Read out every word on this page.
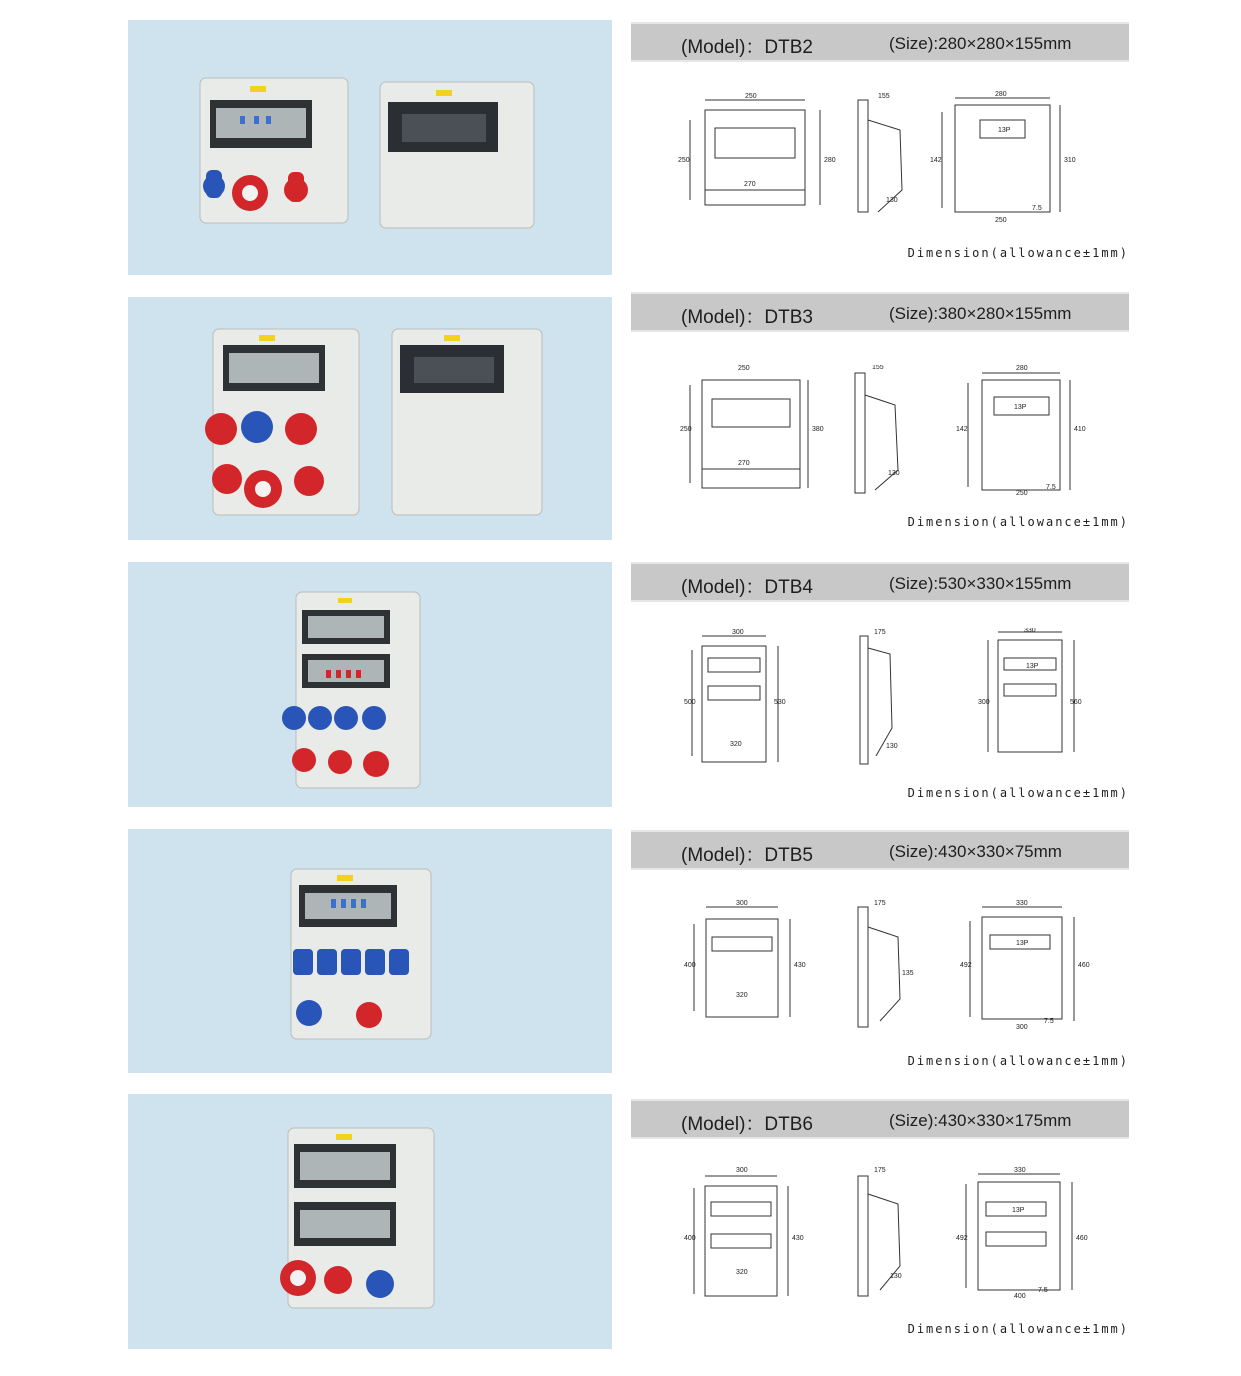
(Model)：DTB2	(Size):280×280×155mm
250
250	280
270
155
130
280
142	310
250
7.5
13P
Dimension(allowance±1mm)
(Model)：DTB3	(Size):380×280×155mm
250
250	380
270
155
130
280
142	410
250
7.5
13P
Dimension(allowance±1mm)
(Model)：DTB4	(Size):530×330×155mm
300
500	530
320
175
130
330
300	560
13P
Dimension(allowance±1mm)
(Model)：DTB5	(Size):430×330×75mm
300
400	430
320
175
135
330
492	460
300
7.5
13P
Dimension(allowance±1mm)
(Model)：DTB6	(Size):430×330×175mm
300
400	430
320
175
130
330
492	460
400
7.5
13P
Dimension(allowance±1mm)
